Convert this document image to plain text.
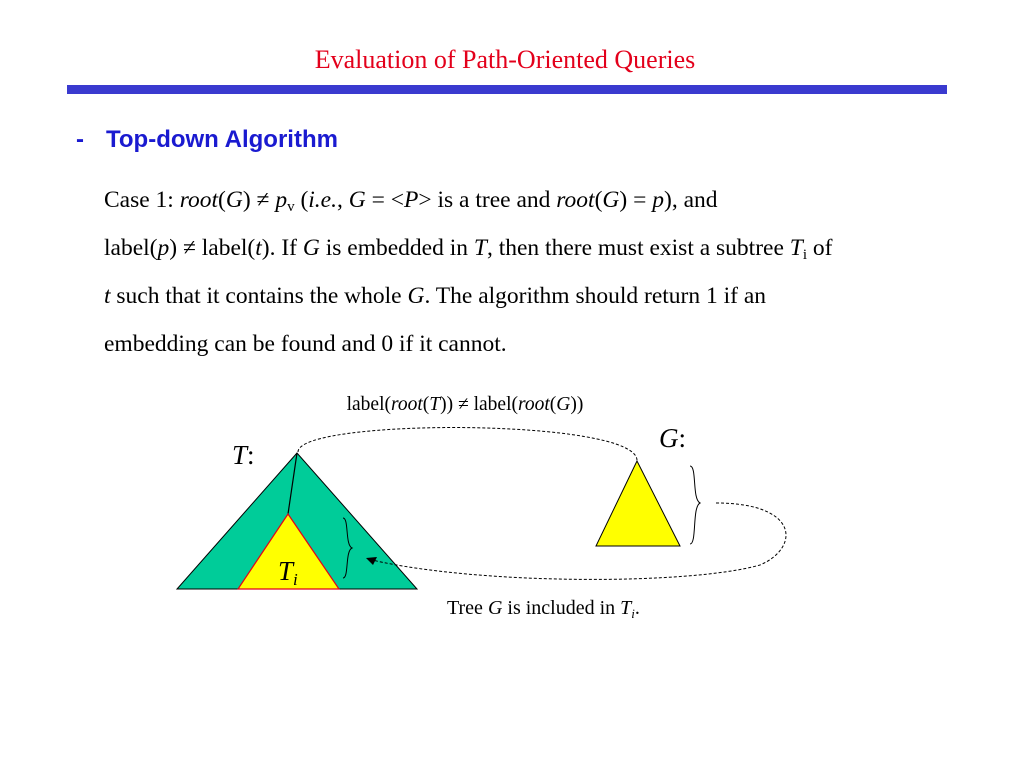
Evaluation of Path-Oriented Queries
- Top-down Algorithm
Case 1: root(G) ≠ $p_v$ (i.e., G = <P> is a tree and root(G) = p), and
label(p) ≠ label(t). If G is embedded in T, then there must exist a subtree $T_i$ of
t such that it contains the whole G. The algorithm should return 1 if an
embedding can be found and 0 if it cannot.
label(root(T)) ≠ label(root(G))
T:
Ti
G:
Tree G is included in $T_i$.
